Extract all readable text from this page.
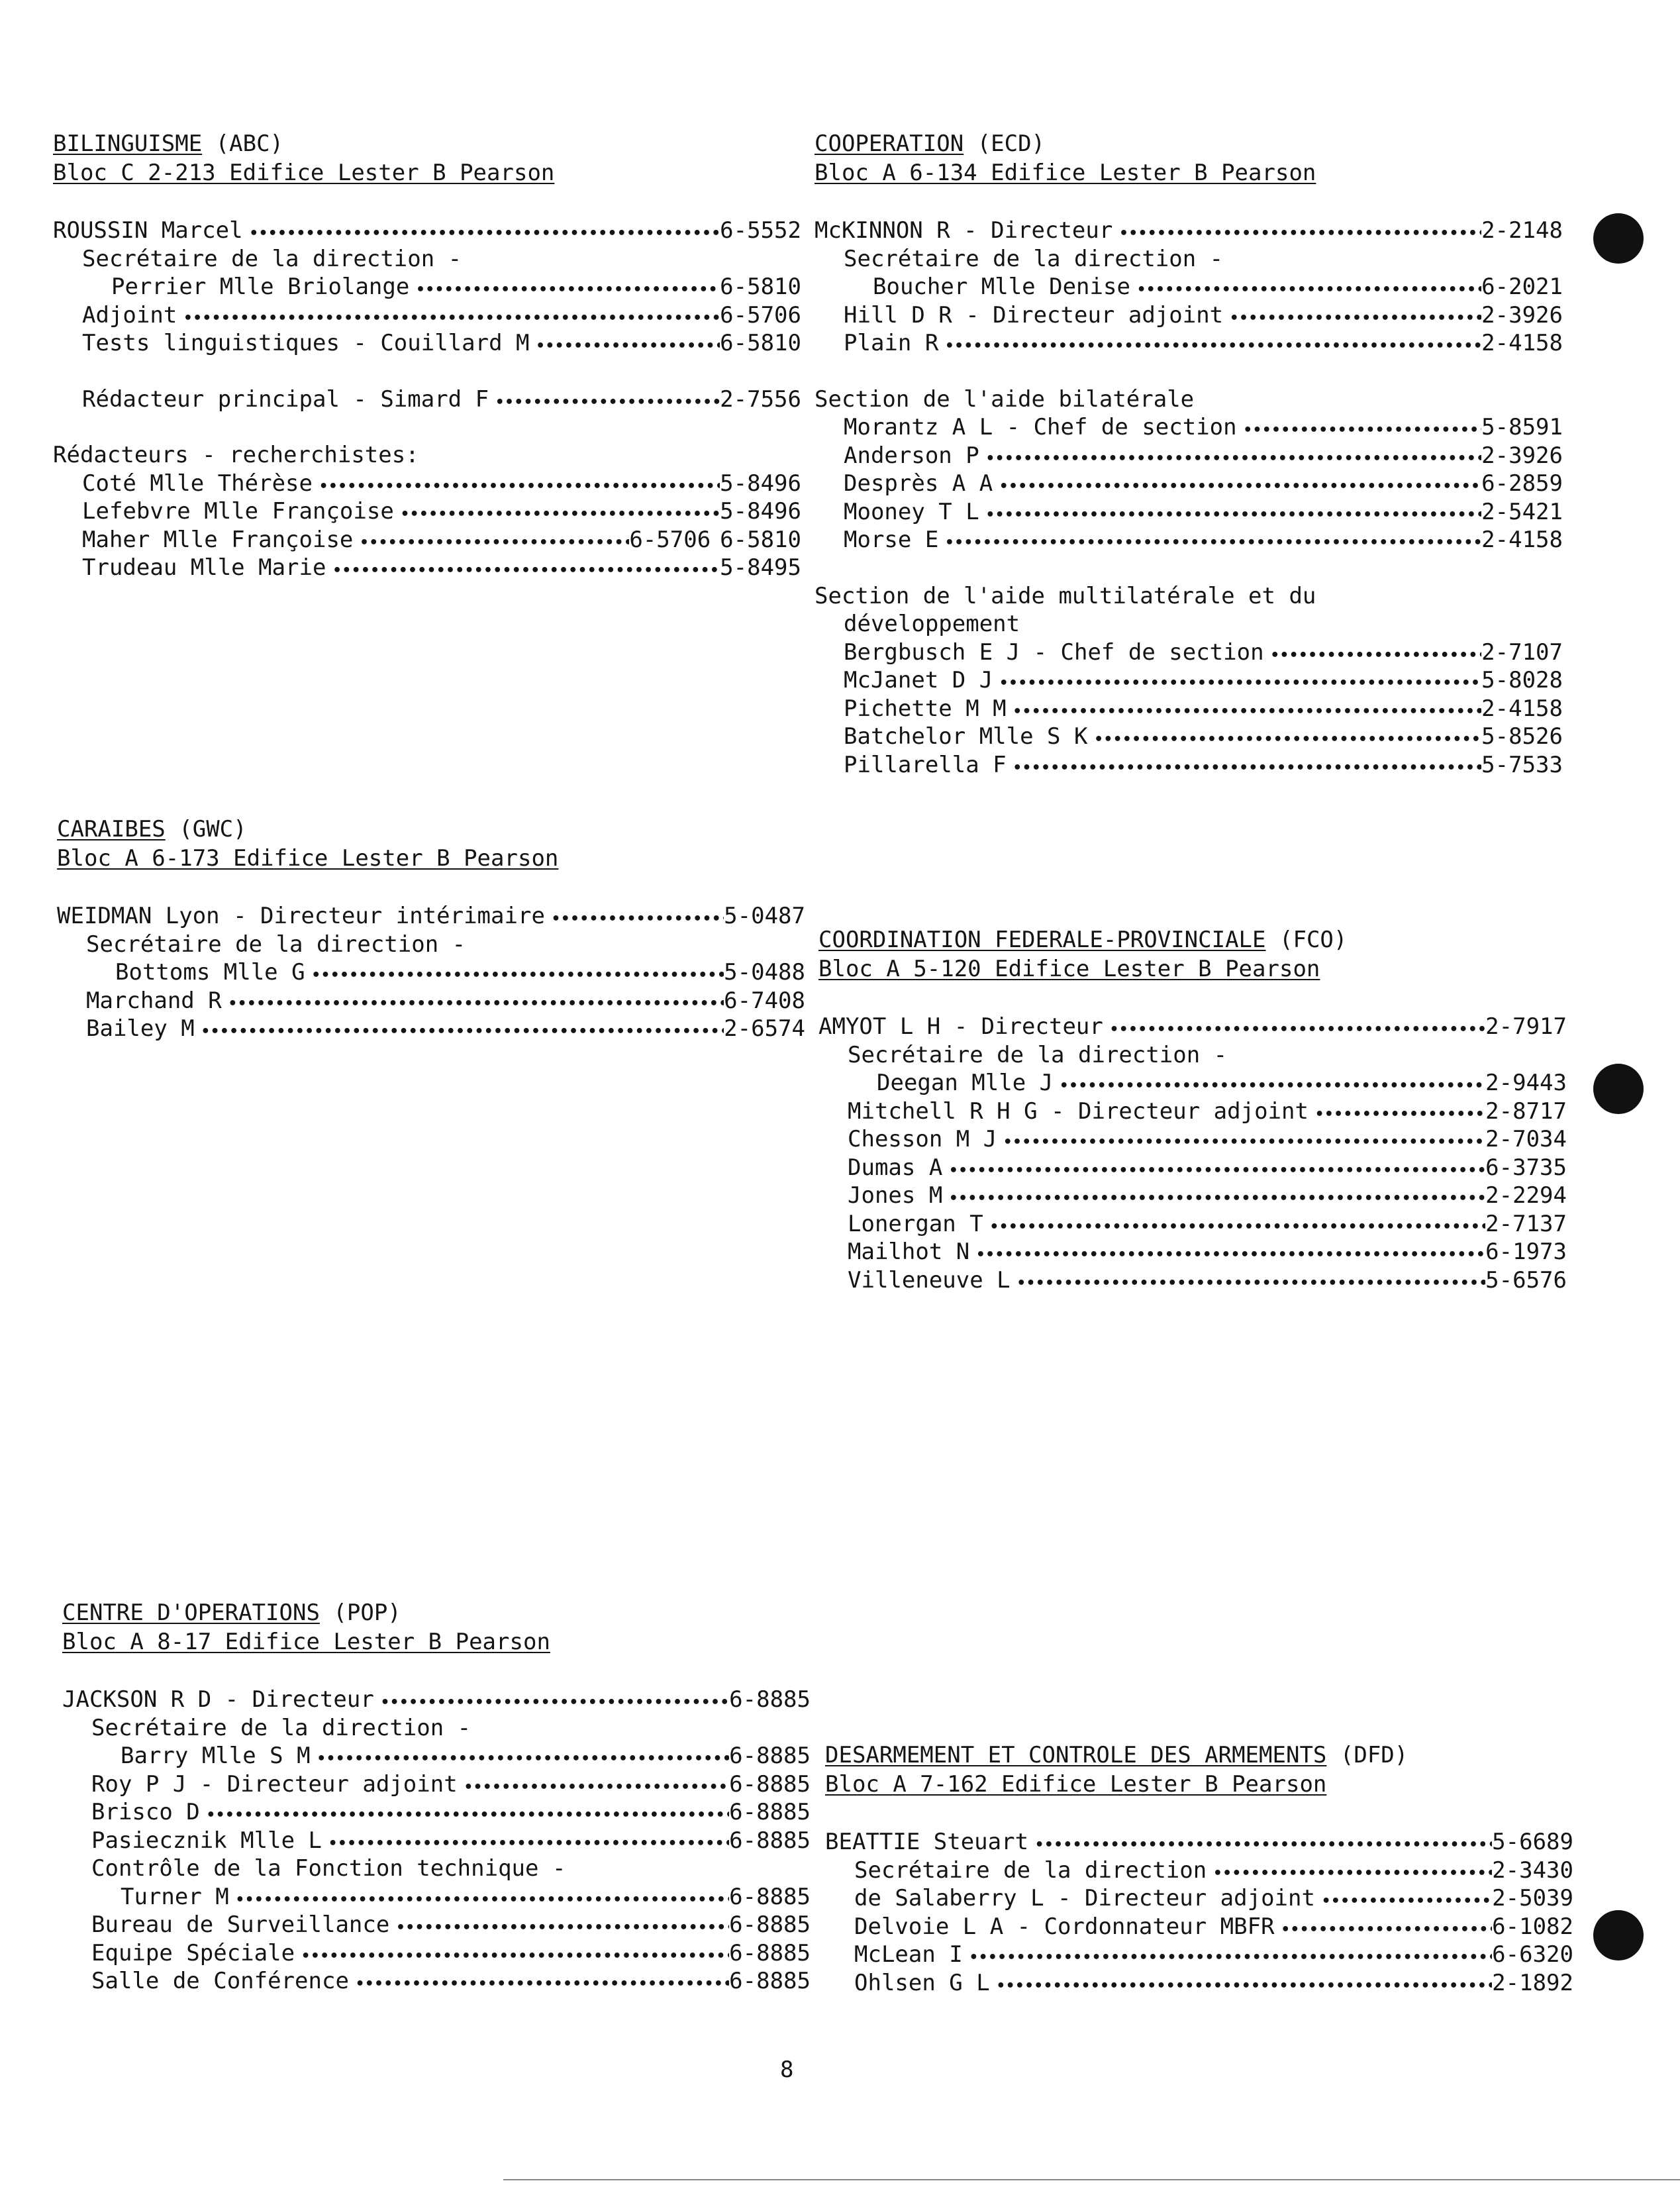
BILINGUISME (ABC)
Bloc C 2-213 Edifice Lester B Pearson
ROUSSIN Marcel •••••	6-5552
Secrétaire de la direction -
Perrier Mlle Briolange •••••	6-5810
Adjoint •••••	6-5706
Tests linguistiques - Couillard M •••••	6-5810
Rédacteur principal - Simard F •••••	2-7556
Rédacteurs - recherchistes:
Coté Mlle Thérèse •••••	5-8496
Lefebvre Mlle Françoise •••••	5-8496
Maher Mlle Françoise •••••	6-5706 6-5810
Trudeau Mlle Marie •••••	5-8495
CARAIBES (GWC)
Bloc A 6-173 Edifice Lester B Pearson
WEIDMAN Lyon - Directeur intérimaire •••••	5-0487
Secrétaire de la direction -
Bottoms Mlle G •••••	5-0488
Marchand R •••••	6-7408
Bailey M •••••	2-6574
CENTRE D'OPERATIONS (POP)
Bloc A 8-17 Edifice Lester B Pearson
JACKSON R D - Directeur •••••	6-8885
Secrétaire de la direction -
Barry Mlle S M •••••	6-8885
Roy P J - Directeur adjoint •••••	6-8885
Brisco D •••••	6-8885
Pasiecznik Mlle L •••••	6-8885
Contrôle de la Fonction technique -
Turner M •••••	6-8885
Bureau de Surveillance •••••	6-8885
Equipe Spéciale •••••	6-8885
Salle de Conférence •••••	6-8885
COOPERATION (ECD)
Bloc A 6-134 Edifice Lester B Pearson
McKINNON R - Directeur •••••	2-2148
Secrétaire de la direction -
Boucher Mlle Denise •••••	6-2021
Hill D R - Directeur adjoint •••••	2-3926
Plain R •••••	2-4158
Section de l'aide bilatérale
Morantz A L - Chef de section •••••	5-8591
Anderson P •••••	2-3926
Desprès A A •••••	6-2859
Mooney T L •••••	2-5421
Morse E •••••	2-4158
Section de l'aide multilatérale et du
développement
Bergbusch E J - Chef de section •••••	2-7107
McJanet D J •••••	5-8028
Pichette M M •••••	2-4158
Batchelor Mlle S K •••••	5-8526
Pillarella F •••••	5-7533
COORDINATION FEDERALE-PROVINCIALE (FCO)
Bloc A 5-120 Edifice Lester B Pearson
AMYOT L H - Directeur •••••	2-7917
Secrétaire de la direction -
Deegan Mlle J •••••	2-9443
Mitchell R H G - Directeur adjoint •••••	2-8717
Chesson M J •••••	2-7034
Dumas A •••••	6-3735
Jones M •••••	2-2294
Lonergan T •••••	2-7137
Mailhot N •••••	6-1973
Villeneuve L •••••	5-6576
DESARMEMENT ET CONTROLE DES ARMEMENTS (DFD)
Bloc A 7-162 Edifice Lester B Pearson
BEATTIE Steuart •••••	5-6689
Secrétaire de la direction •••••	2-3430
de Salaberry L - Directeur adjoint •••••	2-5039
Delvoie L A - Cordonnateur MBFR •••••	6-1082
McLean I •••••	6-6320
Ohlsen G L •••••	2-1892
8
